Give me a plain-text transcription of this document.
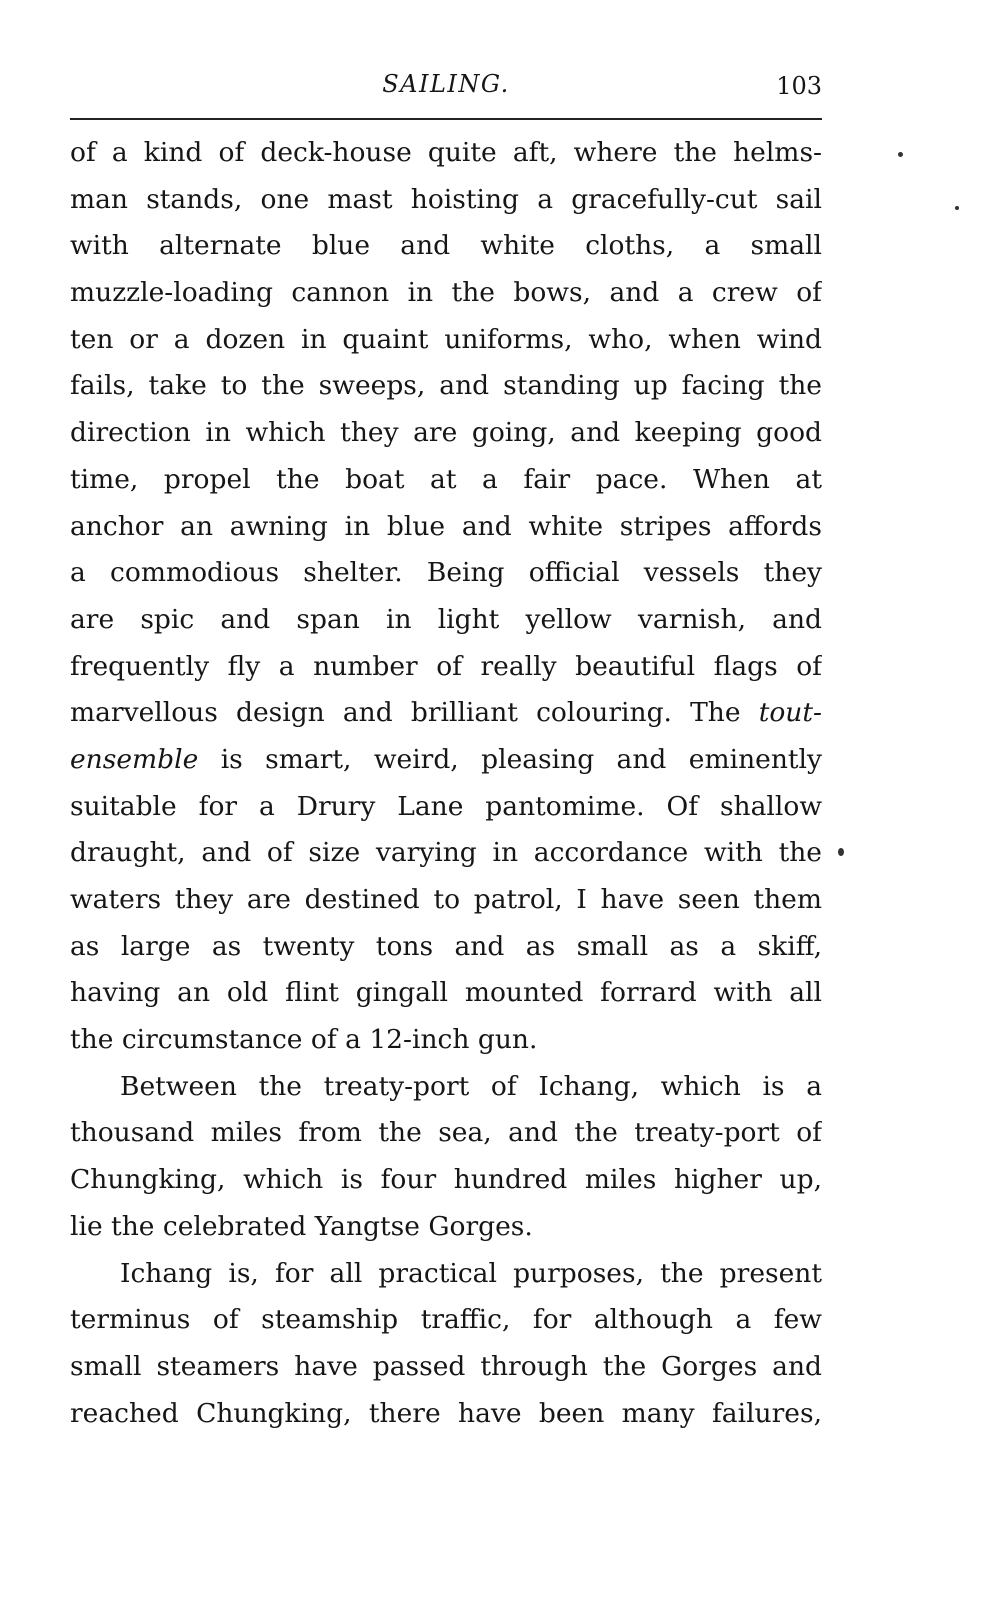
SAILING.	103
of a kind of deck-house quite aft, where the helms-
man stands, one mast hoisting a gracefully-cut sail
with alternate blue and white cloths, a small
muzzle-loading cannon in the bows, and a crew of
ten or a dozen in quaint uniforms, who, when wind
fails, take to the sweeps, and standing up facing the
direction in which they are going, and keeping good
time, propel the boat at a fair pace. When at
anchor an awning in blue and white stripes affords
a commodious shelter. Being official vessels they
are spic and span in light yellow varnish, and
frequently fly a number of really beautiful flags of
marvellous design and brilliant colouring. The tout-
ensemble is smart, weird, pleasing and eminently
suitable for a Drury Lane pantomime. Of shallow
draught, and of size varying in accordance with the
waters they are destined to patrol, I have seen them
as large as twenty tons and as small as a skiff,
having an old flint gingall mounted forrard with all
the circumstance of a 12-inch gun.
Between the treaty-port of Ichang, which is a
thousand miles from the sea, and the treaty-port of
Chungking, which is four hundred miles higher up,
lie the celebrated Yangtse Gorges.
Ichang is, for all practical purposes, the present
terminus of steamship traffic, for although a few
small steamers have passed through the Gorges and
reached Chungking, there have been many failures,
